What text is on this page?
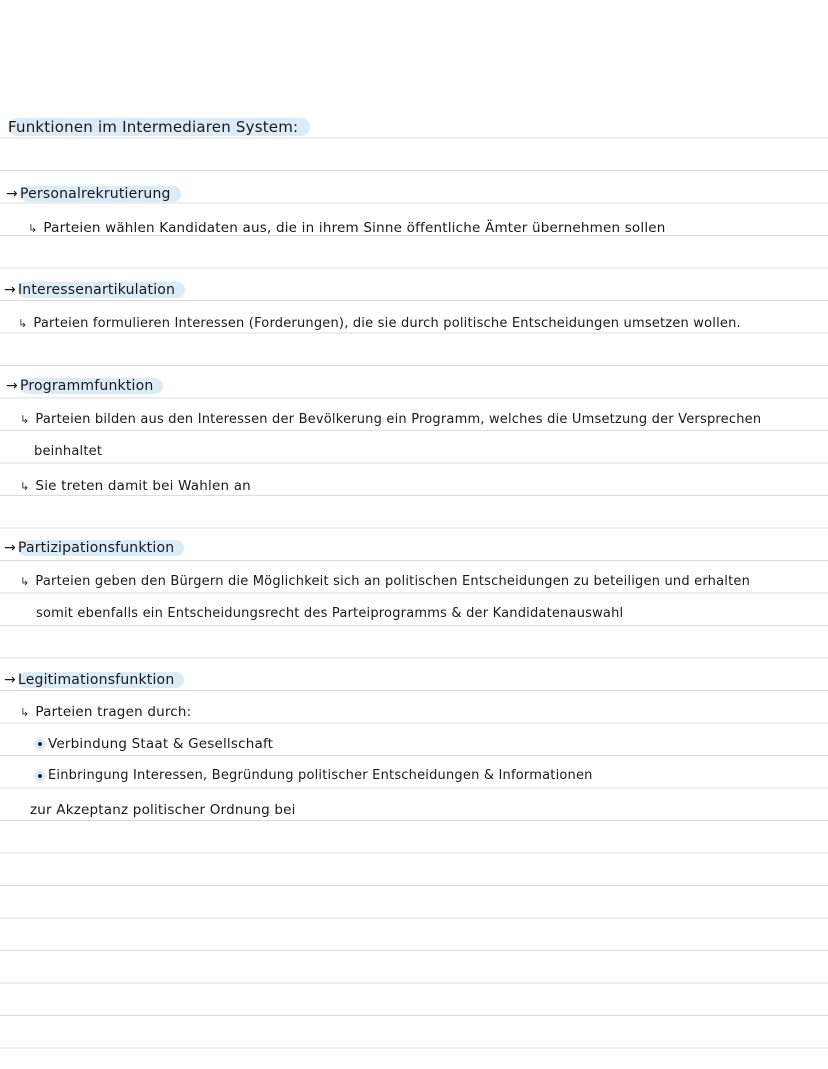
Funktionen im Intermediaren System:
→ Personalrekrutierung
↳ Parteien wählen Kandidaten aus, die in ihrem Sinne öffentliche Ämter übernehmen sollen
→ Interessenartikulation
↳ Parteien formulieren Interessen (Forderungen), die sie durch politische Entscheidungen umsetzen wollen.
→ Programmfunktion
↳ Parteien bilden aus den Interessen der Bevölkerung ein Programm, welches die Umsetzung der Versprechen
beinhaltet
↳ Sie treten damit bei Wahlen an
→ Partizipationsfunktion
↳ Parteien geben den Bürgern die Möglichkeit sich an politischen Entscheidungen zu beteiligen und erhalten
somit ebenfalls ein Entscheidungsrecht des Parteiprogramms & der Kandidatenauswahl
→ Legitimationsfunktion
↳ Parteien tragen durch:
Verbindung Staat & Gesellschaft
Einbringung Interessen, Begründung politischer Entscheidungen & Informationen
zur Akzeptanz politischer Ordnung bei
